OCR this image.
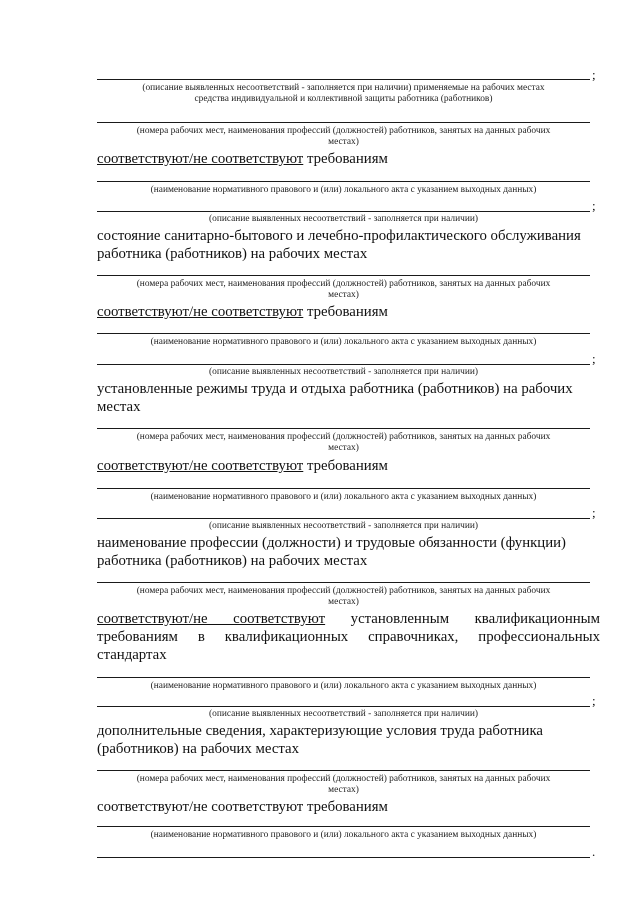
;
(описание выявленных несоответствий - заполняется при наличии) применяемые на рабочих местах
средства индивидуальной и коллективной защиты работника (работников)
(номера рабочих мест, наименования профессий (должностей) работников, занятых на данных рабочих
местах)
соответствуют/не соответствуют требованиям
(наименование нормативного правового и (или) локального акта с указанием выходных данных)
;
(описание выявленных несоответствий - заполняется при наличии)
состояние санитарно-бытового и лечебно-профилактического обслуживания работника (работников) на рабочих местах
(номера рабочих мест, наименования профессий (должностей) работников, занятых на данных рабочих
местах)
соответствуют/не соответствуют требованиям
(наименование нормативного правового и (или) локального акта с указанием выходных данных)
;
(описание выявленных несоответствий - заполняется при наличии)
установленные режимы труда и отдыха работника (работников) на рабочих местах
(номера рабочих мест, наименования профессий (должностей) работников, занятых на данных рабочих
местах)
соответствуют/не соответствуют требованиям
(наименование нормативного правового и (или) локального акта с указанием выходных данных)
;
(описание выявленных несоответствий - заполняется при наличии)
наименование профессии (должности) и трудовые обязанности (функции) работника (работников) на рабочих местах
(номера рабочих мест, наименования профессий (должностей) работников, занятых на данных рабочих
местах)
соответствуют/не соответствуют установленным квалификационным требованиям в квалификационных справочниках, профессиональных стандартах
(наименование нормативного правового и (или) локального акта с указанием выходных данных)
;
(описание выявленных несоответствий - заполняется при наличии)
дополнительные сведения, характеризующие условия труда работника (работников) на рабочих местах
(номера рабочих мест, наименования профессий (должностей) работников, занятых на данных рабочих
местах)
соответствуют/не соответствуют требованиям
(наименование нормативного правового и (или) локального акта с указанием выходных данных)
.
